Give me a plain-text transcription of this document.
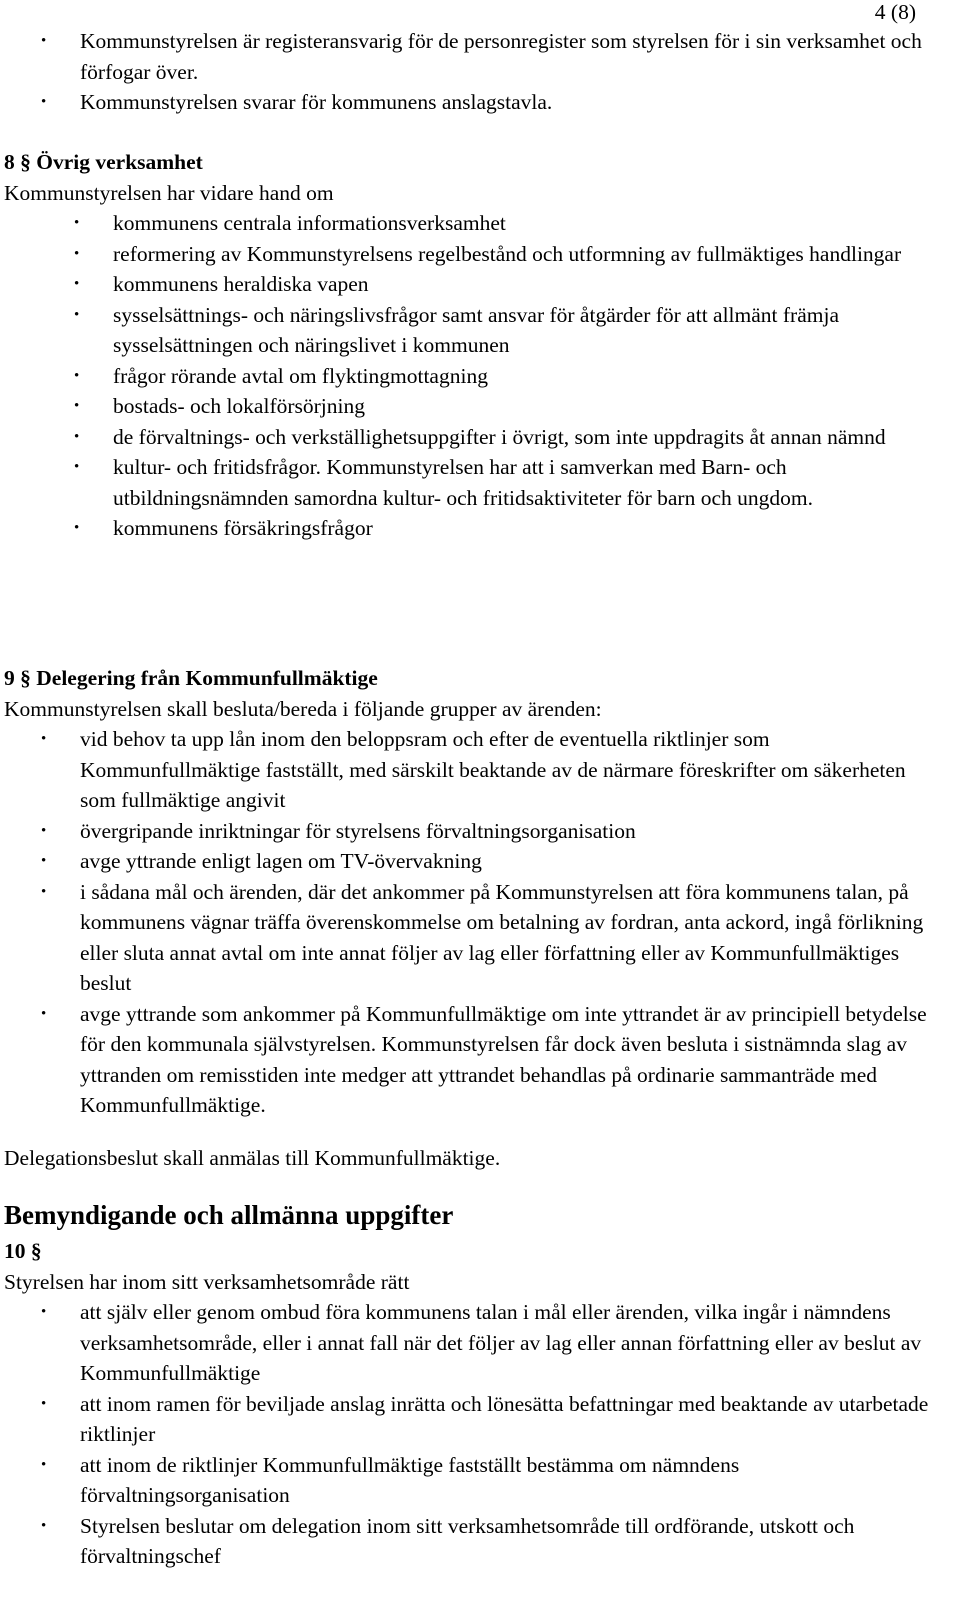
4 (8)
• Kommunstyrelsen är registeransvarig för de personregister som styrelsen för i sin verksamhet och förfogar över.
• Kommunstyrelsen svarar för kommunens anslagstavla.
8 § Övrig verksamhet
Kommunstyrelsen har vidare hand om
• kommunens centrala informationsverksamhet
• reformering av Kommunstyrelsens regelbestånd och utformning av fullmäktiges handlingar
• kommunens heraldiska vapen
• sysselsättnings- och näringslivsfrågor samt ansvar för åtgärder för att allmänt främja sysselsättningen och näringslivet i kommunen
• frågor rörande avtal om flyktingmottagning
• bostads- och lokalförsörjning
• de förvaltnings- och verkställighetsuppgifter i övrigt, som inte uppdragits åt annan nämnd
• kultur- och fritidsfrågor. Kommunstyrelsen har att i samverkan med Barn- och utbildningsnämnden samordna kultur- och fritidsaktiviteter för barn och ungdom.
• kommunens försäkringsfrågor
9 § Delegering från Kommunfullmäktige
Kommunstyrelsen skall besluta/bereda i följande grupper av ärenden:
• vid behov ta upp lån inom den beloppsram och efter de eventuella riktlinjer som Kommunfullmäktige fastställt, med särskilt beaktande av de närmare föreskrifter om säkerheten som fullmäktige angivit
• övergripande inriktningar för styrelsens förvaltningsorganisation
• avge yttrande enligt lagen om TV-övervakning
• i sådana mål och ärenden, där det ankommer på Kommunstyrelsen att föra kommunens talan, på kommunens vägnar träffa överenskommelse om betalning av fordran, anta ackord, ingå förlikning eller sluta annat avtal om inte annat följer av lag eller författning eller av Kommunfullmäktiges beslut
• avge yttrande som ankommer på Kommunfullmäktige om inte yttrandet är av principiell betydelse för den kommunala självstyrelsen. Kommunstyrelsen får dock även besluta i sistnämnda slag av yttranden om remisstiden inte medger att yttrandet behandlas på ordinarie sammanträde med Kommunfullmäktige.
Delegationsbeslut skall anmälas till Kommunfullmäktige.
Bemyndigande och allmänna uppgifter
10 §
Styrelsen har inom sitt verksamhetsområde rätt
• att själv eller genom ombud föra kommunens talan i mål eller ärenden, vilka ingår i nämndens verksamhetsområde, eller i annat fall när det följer av lag eller annan författning eller av beslut av Kommunfullmäktige
• att inom ramen för beviljade anslag inrätta och lönesätta befattningar med beaktande av utarbetade riktlinjer
• att inom de riktlinjer Kommunfullmäktige fastställt bestämma om nämndens förvaltningsorganisation
• Styrelsen beslutar om delegation inom sitt verksamhetsområde till ordförande, utskott och förvaltningschef
